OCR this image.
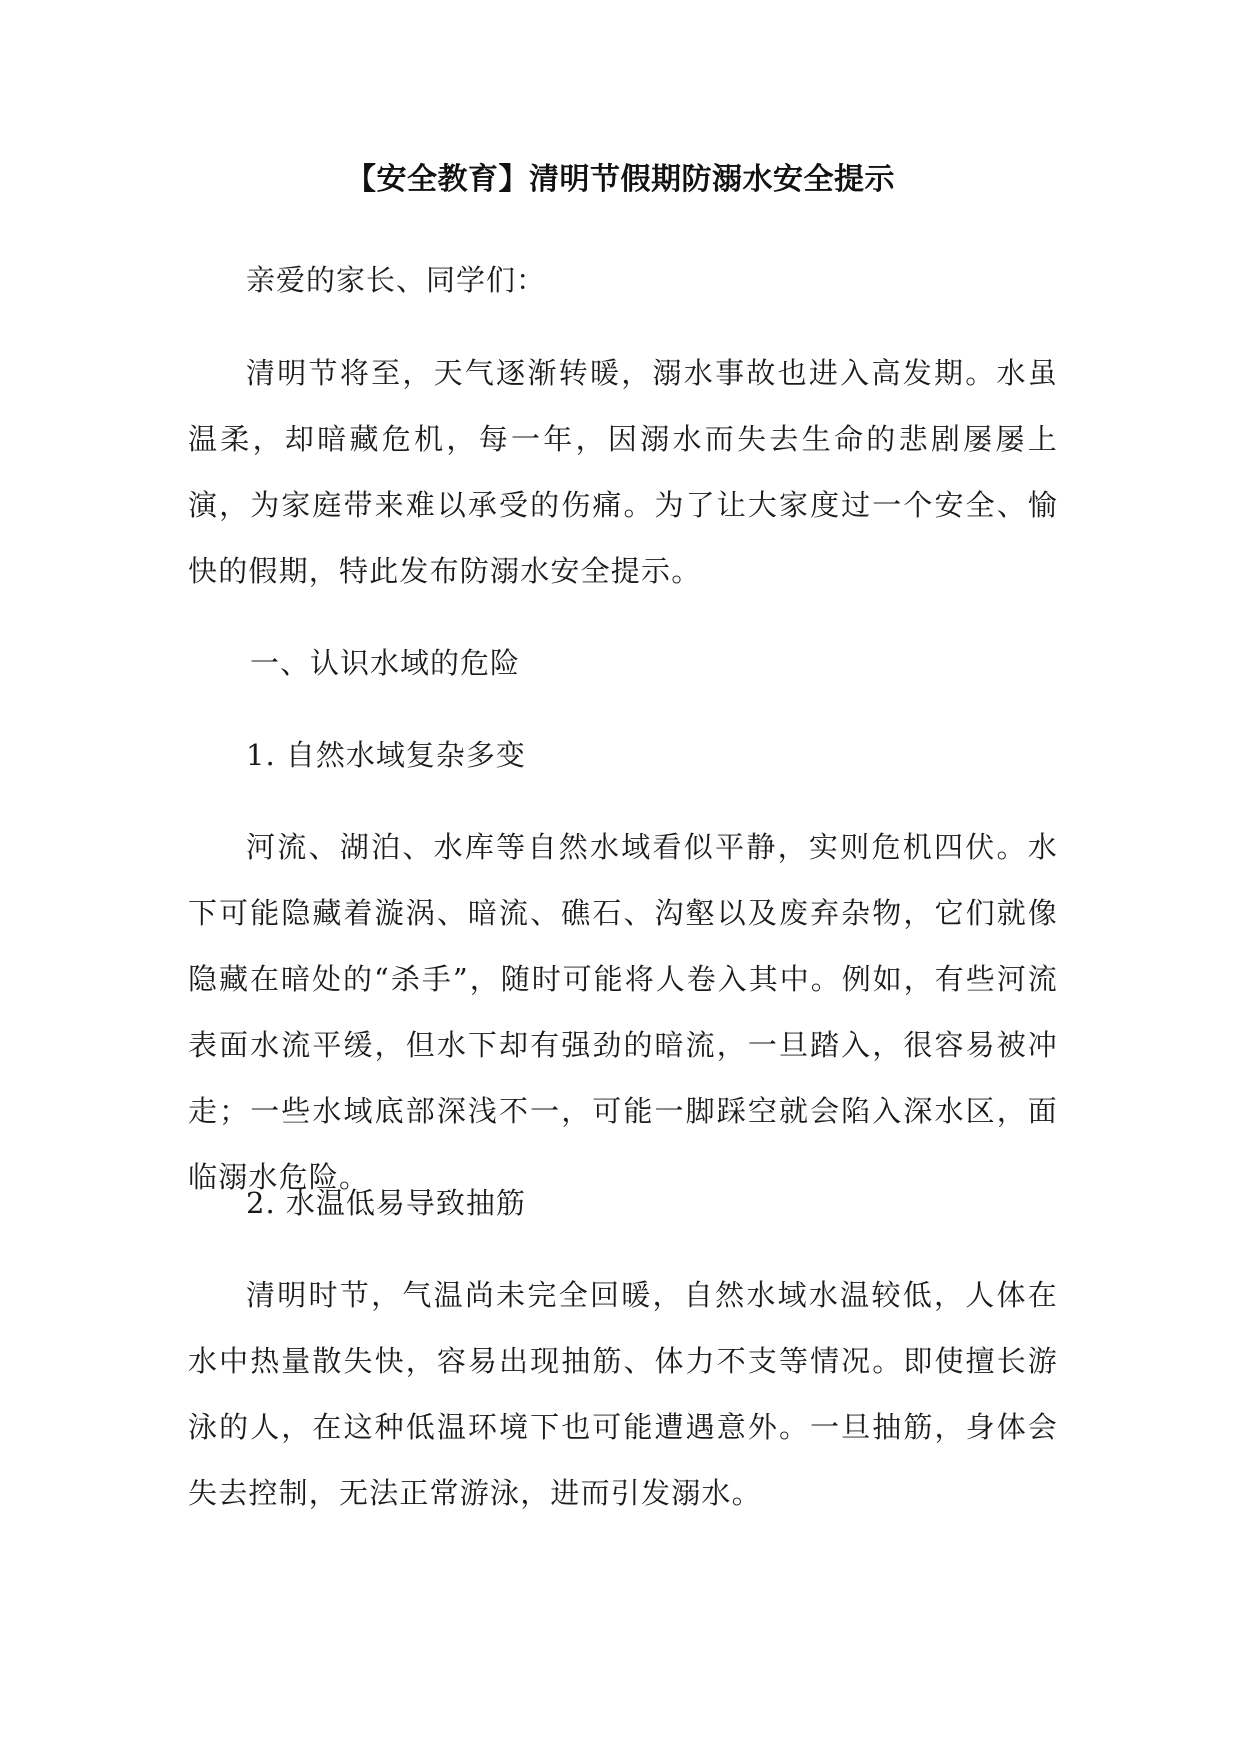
【安全教育】清明节假期防溺水安全提示
亲爱的家长、同学们：
清明节将至，天气逐渐转暖，溺水事故也进入高发期。水虽温柔，却暗藏危机，每一年，因溺水而失去生命的悲剧屡屡上演，为家庭带来难以承受的伤痛。为了让大家度过一个安全、愉快的假期，特此发布防溺水安全提示。
一、认识水域的危险
1. 自然水域复杂多变
河流、湖泊、水库等自然水域看似平静，实则危机四伏。水下可能隐藏着漩涡、暗流、礁石、沟壑以及废弃杂物，它们就像隐藏在暗处的“杀手”，随时可能将人卷入其中。例如，有些河流表面水流平缓，但水下却有强劲的暗流，一旦踏入，很容易被冲走；一些水域底部深浅不一，可能一脚踩空就会陷入深水区，面临溺水危险。
2. 水温低易导致抽筋
清明时节，气温尚未完全回暖，自然水域水温较低，人体在水中热量散失快，容易出现抽筋、体力不支等情况。即使擅长游泳的人，在这种低温环境下也可能遭遇意外。一旦抽筋，身体会失去控制，无法正常游泳，进而引发溺水。
